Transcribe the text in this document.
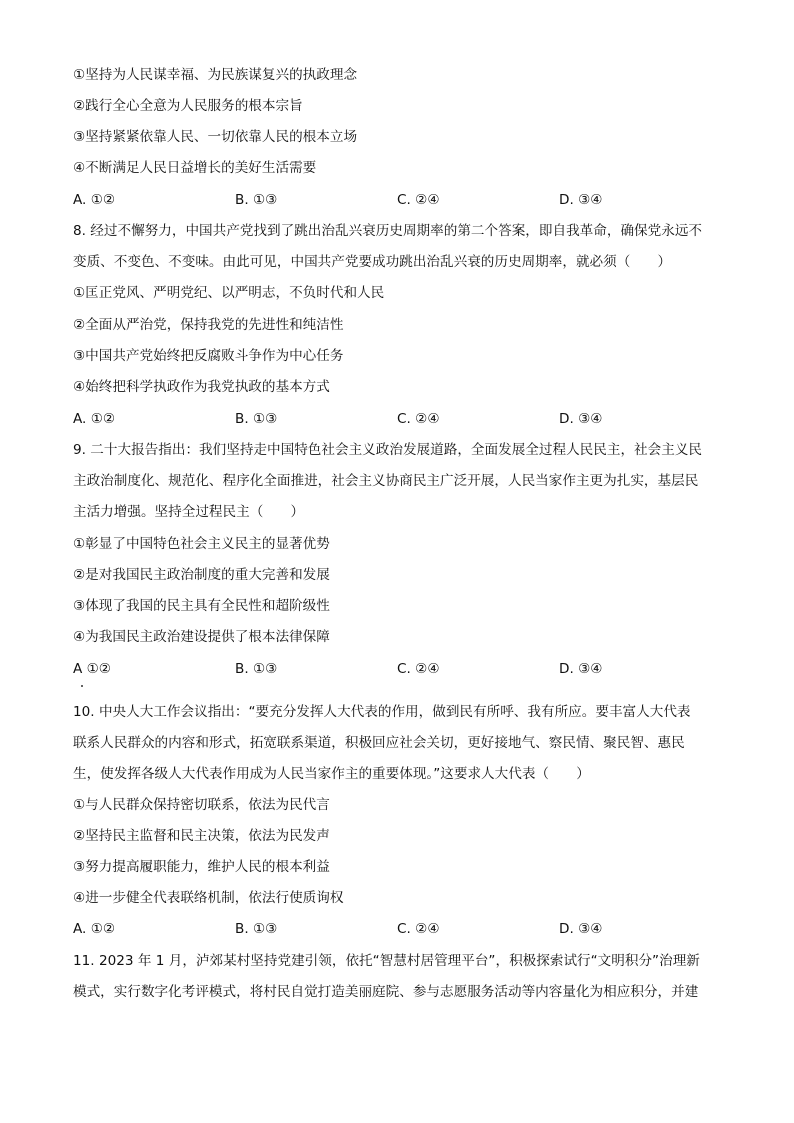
①坚持为人民谋幸福、为民族谋复兴的执政理念
②践行全心全意为人民服务的根本宗旨
③坚持紧紧依靠人民、一切依靠人民的根本立场
④不断满足人民日益增长的美好生活需要
A. ①②	B. ①③	C. ②④	D. ③④
8. 经过不懈努力，中国共产党找到了跳出治乱兴衰历史周期率的第二个答案，即自我革命，确保党永远不
变质、不变色、不变味。由此可见，中国共产党要成功跳出治乱兴衰的历史周期率，就必须（　　）
①匡正党风、严明党纪、以严明志，不负时代和人民
②全面从严治党，保持我党的先进性和纯洁性
③中国共产党始终把反腐败斗争作为中心任务
④始终把科学执政作为我党执政的基本方式
A. ①②	B. ①③	C. ②④	D. ③④
9. 二十大报告指出：我们坚持走中国特色社会主义政治发展道路，全面发展全过程人民民主，社会主义民
主政治制度化、规范化、程序化全面推进，社会主义协商民主广泛开展，人民当家作主更为扎实，基层民
主活力增强。坚持全过程民主（　　）
①彰显了中国特色社会主义民主的显著优势
②是对我国民主政治制度的重大完善和发展
③体现了我国的民主具有全民性和超阶级性
④为我国民主政治建设提供了根本法律保障
A ①②	B. ①③	C. ②④	D. ③④
10. 中央人大工作会议指出：“要充分发挥人大代表的作用，做到民有所呼、我有所应。要丰富人大代表
联系人民群众的内容和形式，拓宽联系渠道，积极回应社会关切，更好接地气、察民情、聚民智、惠民
生，使发挥各级人大代表作用成为人民当家作主的重要体现。”这要求人大代表（　　）
①与人民群众保持密切联系，依法为民代言
②坚持民主监督和民主决策，依法为民发声
③努力提高履职能力，维护人民的根本利益
④进一步健全代表联络机制，依法行使质询权
A. ①②	B. ①③	C. ②④	D. ③④
11. 2023 年 1 月，泸郊某村坚持党建引领，依托“智慧村居管理平台”，积极探索试行“文明积分”治理新
模式，实行数字化考评模式，将村民自觉打造美丽庭院、参与志愿服务活动等内容量化为相应积分，并建
